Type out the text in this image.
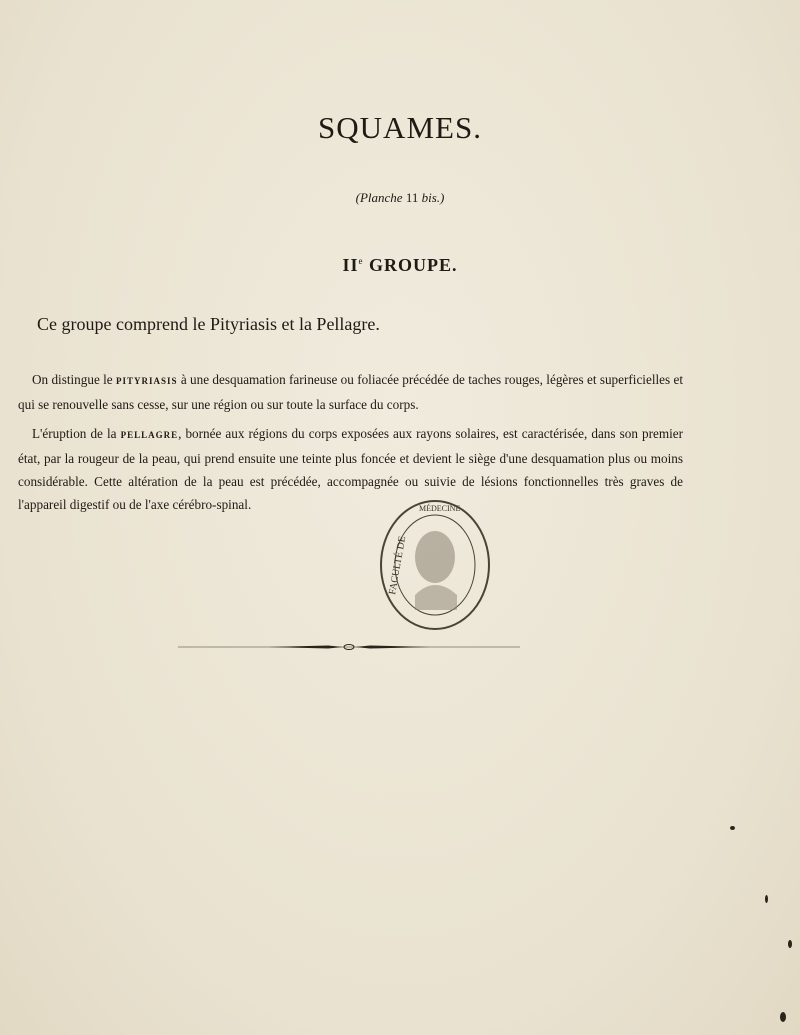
SQUAMES.
(Planche 11 bis.)
IIe GROUPE.
Ce groupe comprend le Pityriasis et la Pellagre.
On distingue le PITYRIASIS à une desquamation farineuse ou foliacée précédée de taches rouges, légères et superficielles et qui se renouvelle sans cesse, sur une région ou sur toute la surface du corps.
L'éruption de la PELLAGRE, bornée aux régions du corps exposées aux rayons solaires, est caractérisée, dans son premier état, par la rougeur de la peau, qui prend ensuite une teinte plus foncée et devient le siège d'une desquamation plus ou moins considérable. Cette altération de la peau est précédée, accompagnée ou suivie de lésions fonctionnelles très graves de l'appareil digestif ou de l'axe cérébro-spinal.
FACULTÉ DE
MÉDECINE
